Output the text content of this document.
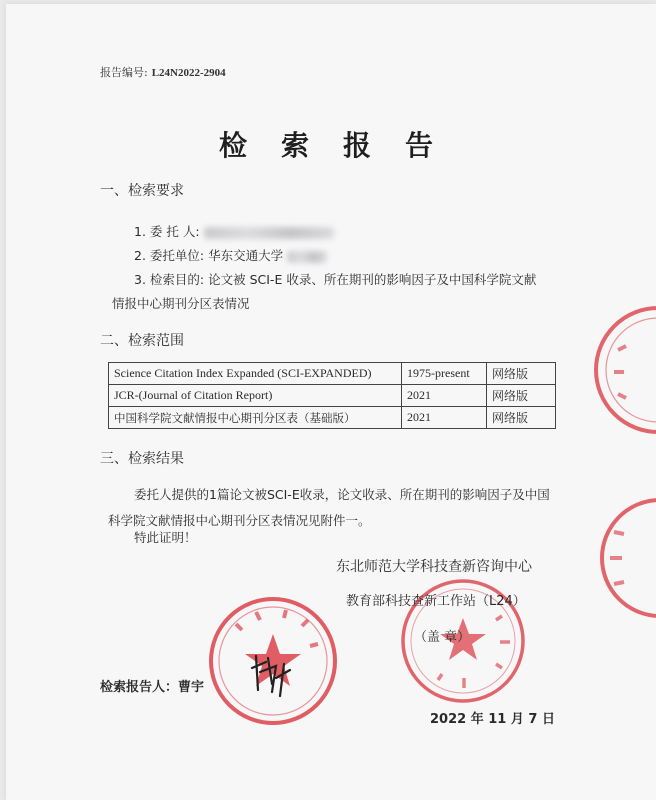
报告编号: L24N2022-2904
检索报告
一、检索要求
1. 委 托 人:
2. 委托单位: 华东交通大学
3. 检索目的: 论文被 SCI-E 收录、所在期刊的影响因子及中国科学院文献
情报中心期刊分区表情况
二、检索范围
Science Citation Index Expanded (SCI-EXPANDED)	1975-present	网络版
JCR-(Journal of Citation Report)	2021	网络版
中国科学院文献情报中心期刊分区表（基础版）	2021	网络版
三、检索结果
委托人提供的1篇论文被SCI-E收录，论文收录、所在期刊的影响因子及中国
科学院文献情报中心期刊分区表情况见附件一。
特此证明！
东北师范大学科技查新咨询中心
教育部科技查新工作站（L24）
（盖 章）
检索报告人：曹宇
2022 年 11 月 7 日
